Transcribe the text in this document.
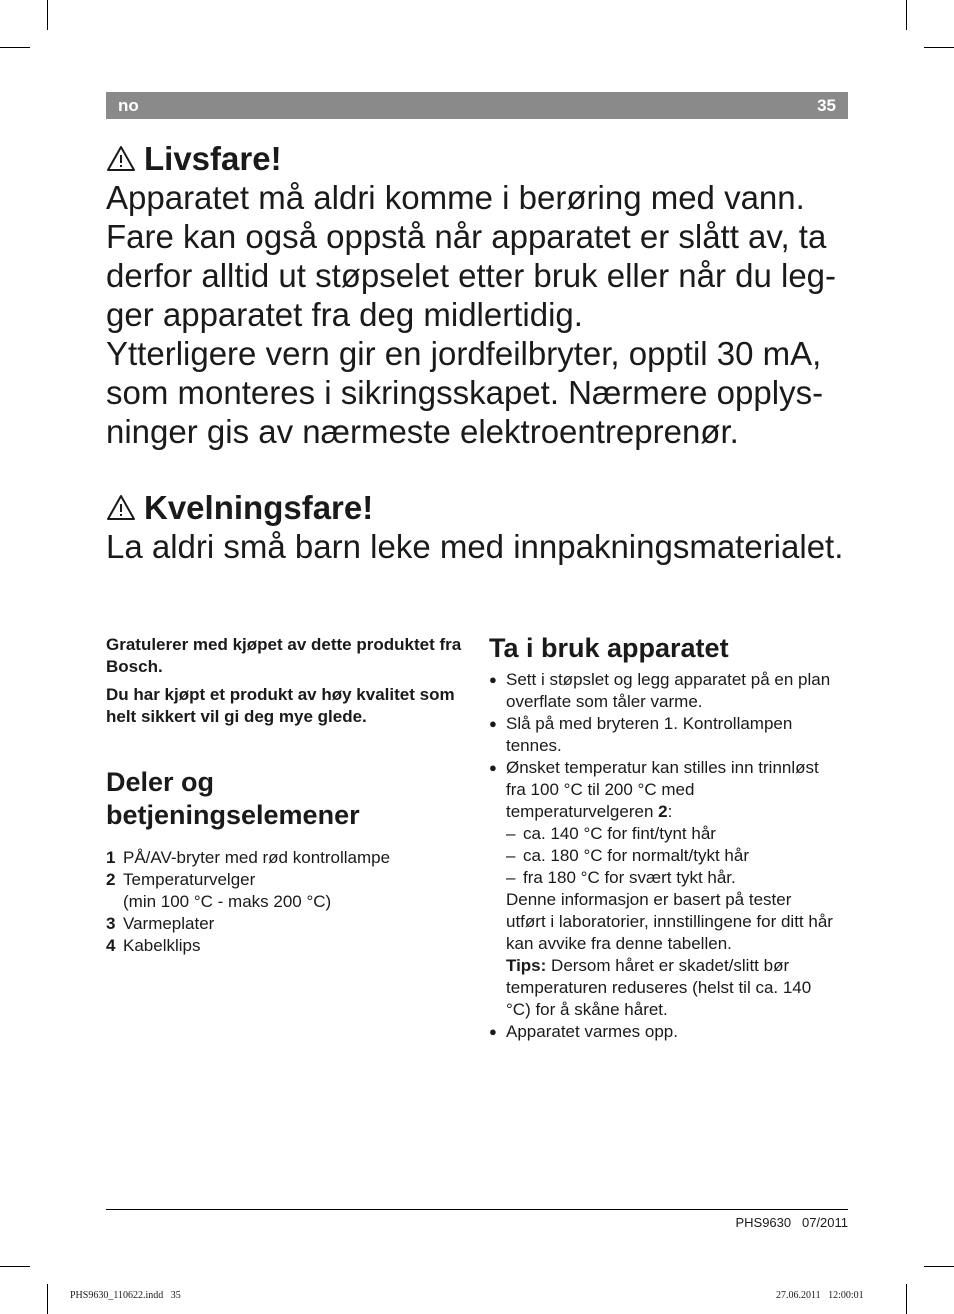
no	35
Livsfare!

Apparatet må aldri komme i berøring med vann. Fare kan også oppstå når apparatet er slått av, ta derfor alltid ut støpselet etter bruk eller når du legger apparatet fra deg midlertidig.

Ytterligere vern gir en jordfeilbryter, opptil 30 mA, som monteres i sikringsskapet. Nærmere opplysninger gis av nærmeste elektroentreprenør.

Kvelningsfare!

La aldri små barn leke med innpakningsmaterialet.

Gratulerer med kjøpet av dette produktet fra Bosch.

Du har kjøpt et produkt av høy kvalitet som helt sikkert vil gi deg mye glede.

Deler og betjeningselemener
1 PÅ/AV-bryter med rød kontrollampe
2 Temperaturvelger
(min 100 °C - maks 200 °C)
3 Varmeplater
4 Kabelklips
Ta i bruk apparatet
● Sett i støpslet og legg apparatet på en plan overflate som tåler varme.
● Slå på med bryteren 1. Kontrollampen tennes.
● Ønsket temperatur kan stilles inn trinnløst fra 100 °C til 200 °C med temperaturvelgeren 2:
– ca. 140 °C for fint/tynt hår
– ca. 180 °C for normalt/tykt hår
– fra 180 °C for svært tykt hår.
Denne informasjon er basert på tester utført i laboratorier, innstillingene for ditt hår kan avvike fra denne tabellen.
Tips: Dersom håret er skadet/slitt bør temperaturen reduseres (helst til ca. 140 °C) for å skåne håret.
● Apparatet varmes opp.
PHS9630 07/2011
PHS9630_110622.indd   35	27.06.2011   12:00:01
